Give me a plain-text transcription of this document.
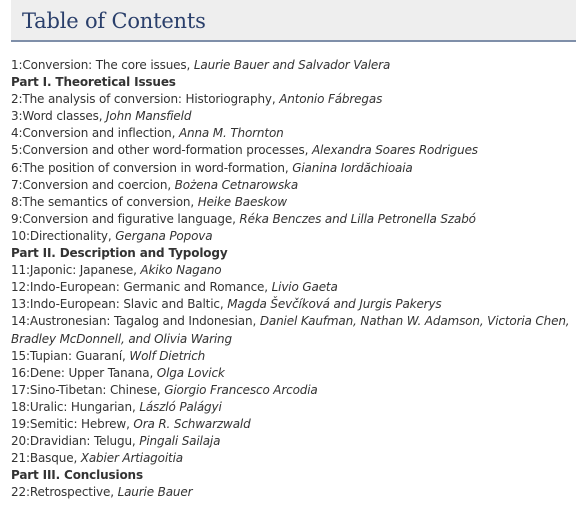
Table of Contents
1:Conversion: The core issues, Laurie Bauer and Salvador Valera
Part I. Theoretical Issues
2:The analysis of conversion: Historiography, Antonio Fábregas
3:Word classes, John Mansfield
4:Conversion and inflection, Anna M. Thornton
5:Conversion and other word-formation processes, Alexandra Soares Rodrigues
6:The position of conversion in word-formation, Gianina Iordăchioaia
7:Conversion and coercion, Bożena Cetnarowska
8:The semantics of conversion, Heike Baeskow
9:Conversion and figurative language, Réka Benczes and Lilla Petronella Szabó
10:Directionality, Gergana Popova
Part II. Description and Typology
11:Japonic: Japanese, Akiko Nagano
12:Indo-European: Germanic and Romance, Livio Gaeta
13:Indo-European: Slavic and Baltic, Magda Ševčíková and Jurgis Pakerys
14:Austronesian: Tagalog and Indonesian, Daniel Kaufman, Nathan W. Adamson, Victoria Chen, Bradley McDonnell, and Olivia Waring
15:Tupian: Guaraní, Wolf Dietrich
16:Dene: Upper Tanana, Olga Lovick
17:Sino-Tibetan: Chinese, Giorgio Francesco Arcodia
18:Uralic: Hungarian, László Palágyi
19:Semitic: Hebrew, Ora R. Schwarzwald
20:Dravidian: Telugu, Pingali Sailaja
21:Basque, Xabier Artiagoitia
Part III. Conclusions
22:Retrospective, Laurie Bauer
